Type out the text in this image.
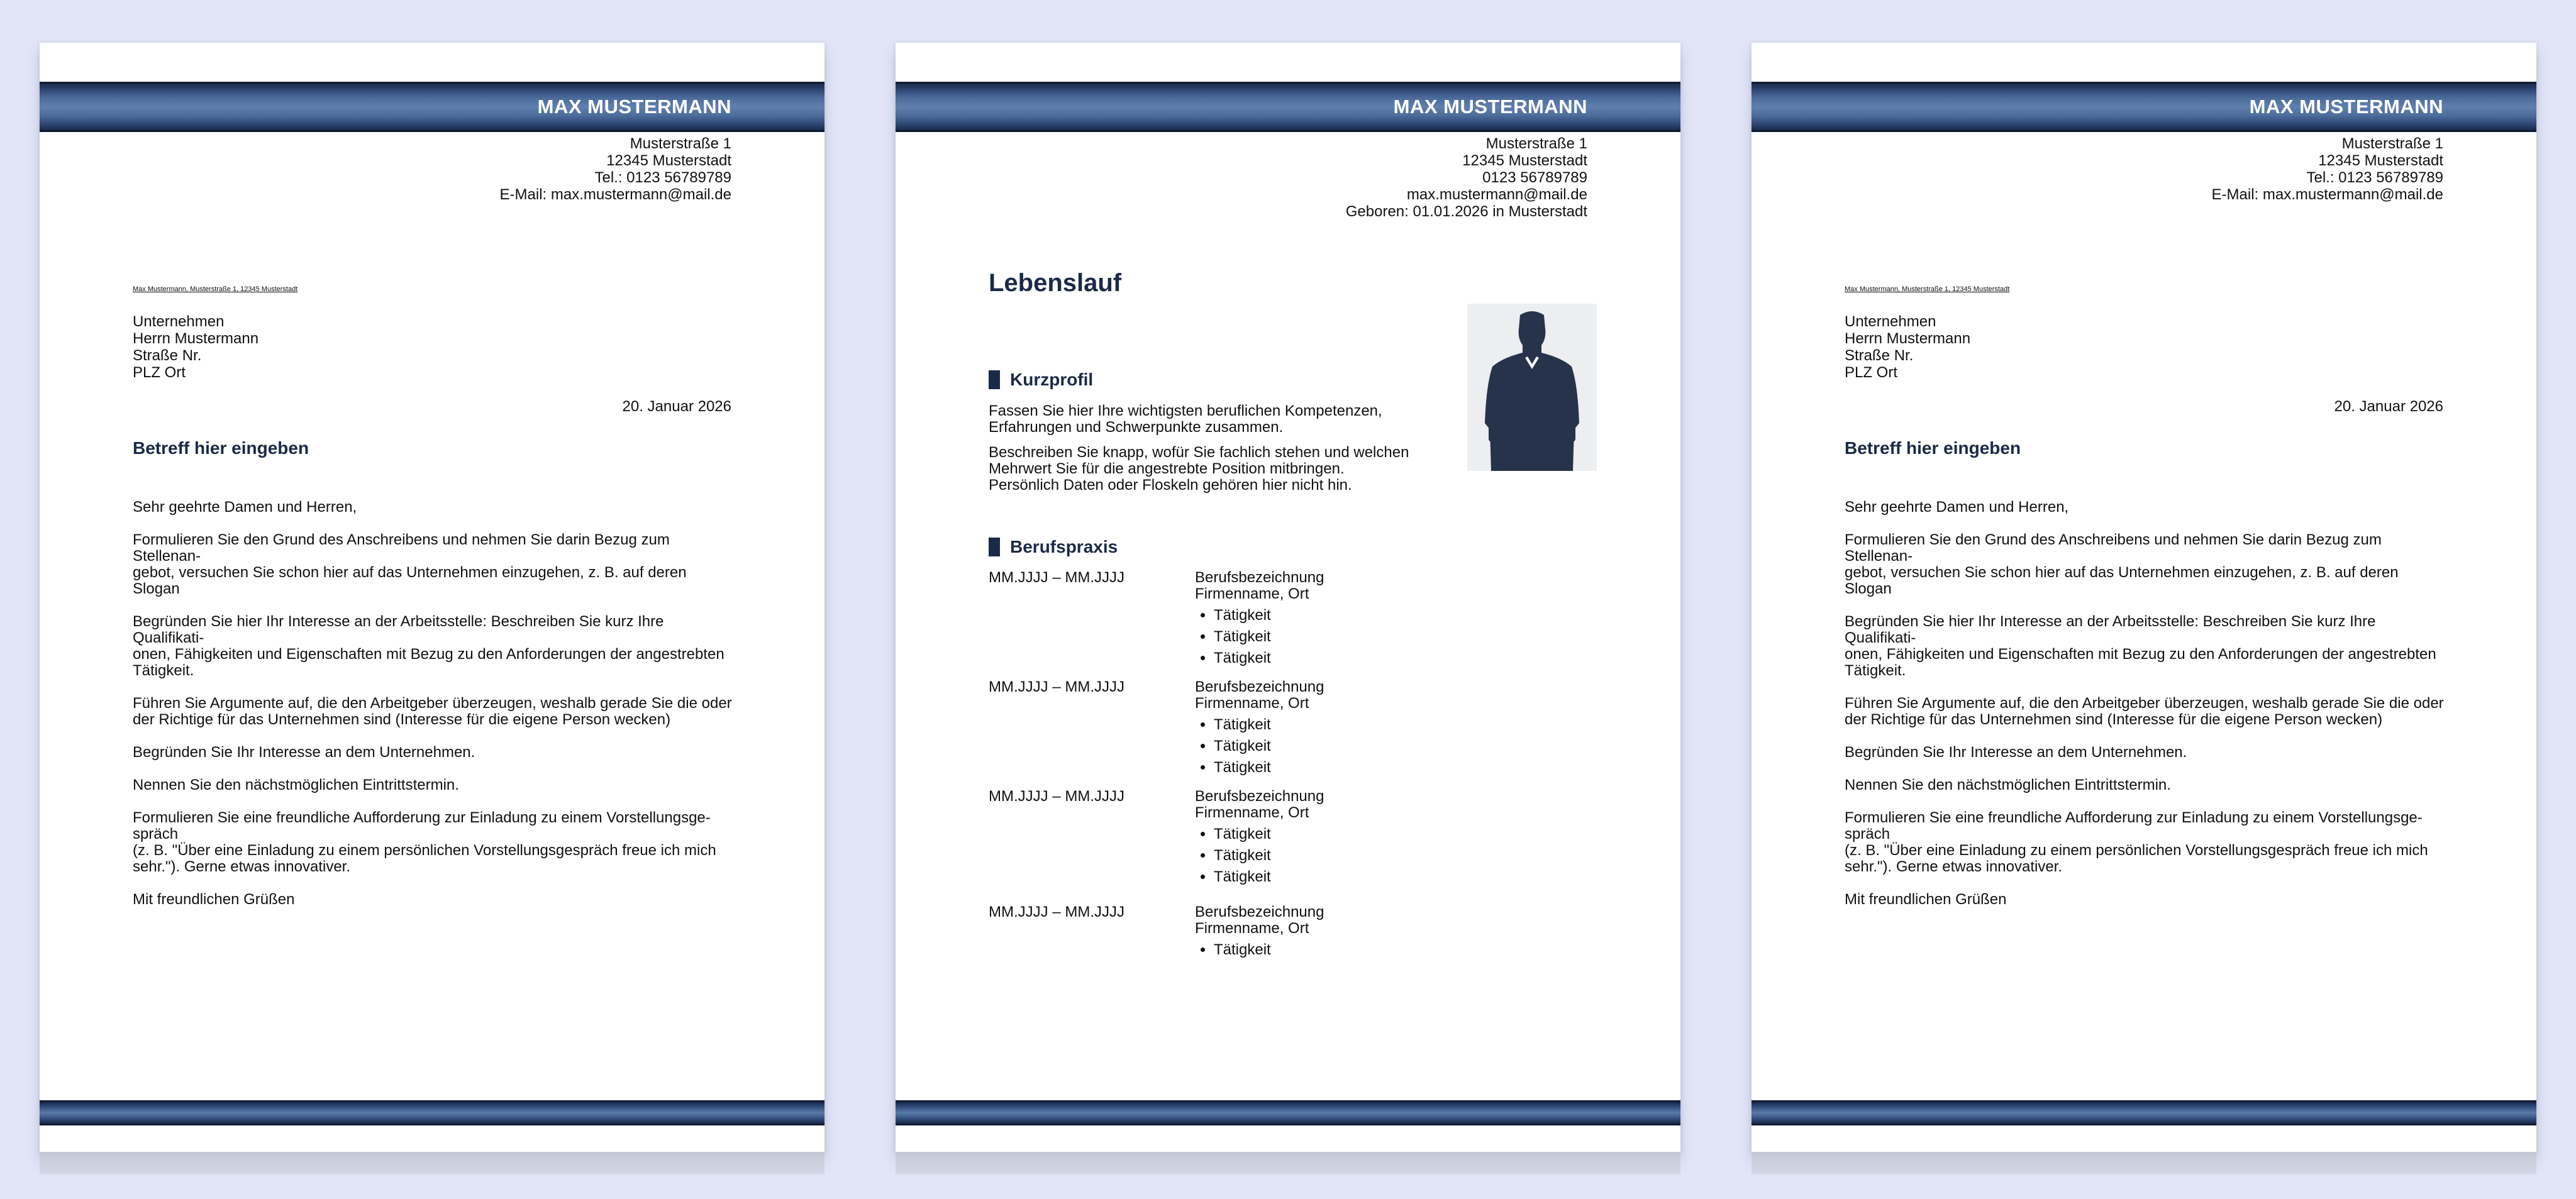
MAX MUSTERMANN
Musterstraße 1
12345 Musterstadt
Tel.: 0123 56789789
E-Mail: max.mustermann@mail.de
Max Mustermann, Musterstraße 1, 12345 Musterstadt
Unternehmen
Herrn Mustermann
Straße Nr.
PLZ Ort
20. Januar 2026
Betreff hier eingeben

Sehr geehrte Damen und Herren,

Formulieren Sie den Grund des Anschreibens und nehmen Sie darin Bezug zum Stellenan-
gebot, versuchen Sie schon hier auf das Unternehmen einzugehen, z. B. auf deren Slogan

Begründen Sie hier Ihr Interesse an der Arbeitsstelle: Beschreiben Sie kurz Ihre Qualifikati-
onen, Fähigkeiten und Eigenschaften mit Bezug zu den Anforderungen der angestrebten
Tätigkeit.

Führen Sie Argumente auf, die den Arbeitgeber überzeugen, weshalb gerade Sie die oder
der Richtige für das Unternehmen sind (Interesse für die eigene Person wecken)

Begründen Sie Ihr Interesse an dem Unternehmen.

Nennen Sie den nächstmöglichen Eintrittstermin.

Formulieren Sie eine freundliche Aufforderung zur Einladung zu einem Vorstellungsge-
spräch
(z. B. "Über eine Einladung zu einem persönlichen Vorstellungsgespräch freue ich mich
sehr."). Gerne etwas innovativer.

Mit freundlichen Grüßen

MAX MUSTERMANN
Musterstraße 1
12345 Musterstadt
0123 56789789
max.mustermann@mail.de
Geboren: 01.01.2026 in Musterstadt
Lebenslauf
Kurzprofil

Fassen Sie hier Ihre wichtigsten beruflichen Kompetenzen,
Erfahrungen und Schwerpunkte zusammen.

Beschreiben Sie knapp, wofür Sie fachlich stehen und welchen
Mehrwert Sie für die angestrebte Position mitbringen.
Persönlich Daten oder Floskeln gehören hier nicht hin.

Berufspraxis
MM.JJJJ – MM.JJJJ	Berufsbezeichnung
Firmenname, Ort
• Tätigkeit
• Tätigkeit
• Tätigkeit
MM.JJJJ – MM.JJJJ	Berufsbezeichnung
Firmenname, Ort
• Tätigkeit
• Tätigkeit
• Tätigkeit
MM.JJJJ – MM.JJJJ	Berufsbezeichnung
Firmenname, Ort
• Tätigkeit
• Tätigkeit
• Tätigkeit
MM.JJJJ – MM.JJJJ	Berufsbezeichnung
Firmenname, Ort
• Tätigkeit
MAX MUSTERMANN
Musterstraße 1
12345 Musterstadt
Tel.: 0123 56789789
E-Mail: max.mustermann@mail.de
Max Mustermann, Musterstraße 1, 12345 Musterstadt
Unternehmen
Herrn Mustermann
Straße Nr.
PLZ Ort
20. Januar 2026
Betreff hier eingeben

Sehr geehrte Damen und Herren,

Formulieren Sie den Grund des Anschreibens und nehmen Sie darin Bezug zum Stellenan-
gebot, versuchen Sie schon hier auf das Unternehmen einzugehen, z. B. auf deren Slogan

Begründen Sie hier Ihr Interesse an der Arbeitsstelle: Beschreiben Sie kurz Ihre Qualifikati-
onen, Fähigkeiten und Eigenschaften mit Bezug zu den Anforderungen der angestrebten
Tätigkeit.

Führen Sie Argumente auf, die den Arbeitgeber überzeugen, weshalb gerade Sie die oder
der Richtige für das Unternehmen sind (Interesse für die eigene Person wecken)

Begründen Sie Ihr Interesse an dem Unternehmen.

Nennen Sie den nächstmöglichen Eintrittstermin.

Formulieren Sie eine freundliche Aufforderung zur Einladung zu einem Vorstellungsge-
spräch
(z. B. "Über eine Einladung zu einem persönlichen Vorstellungsgespräch freue ich mich
sehr."). Gerne etwas innovativer.

Mit freundlichen Grüßen
